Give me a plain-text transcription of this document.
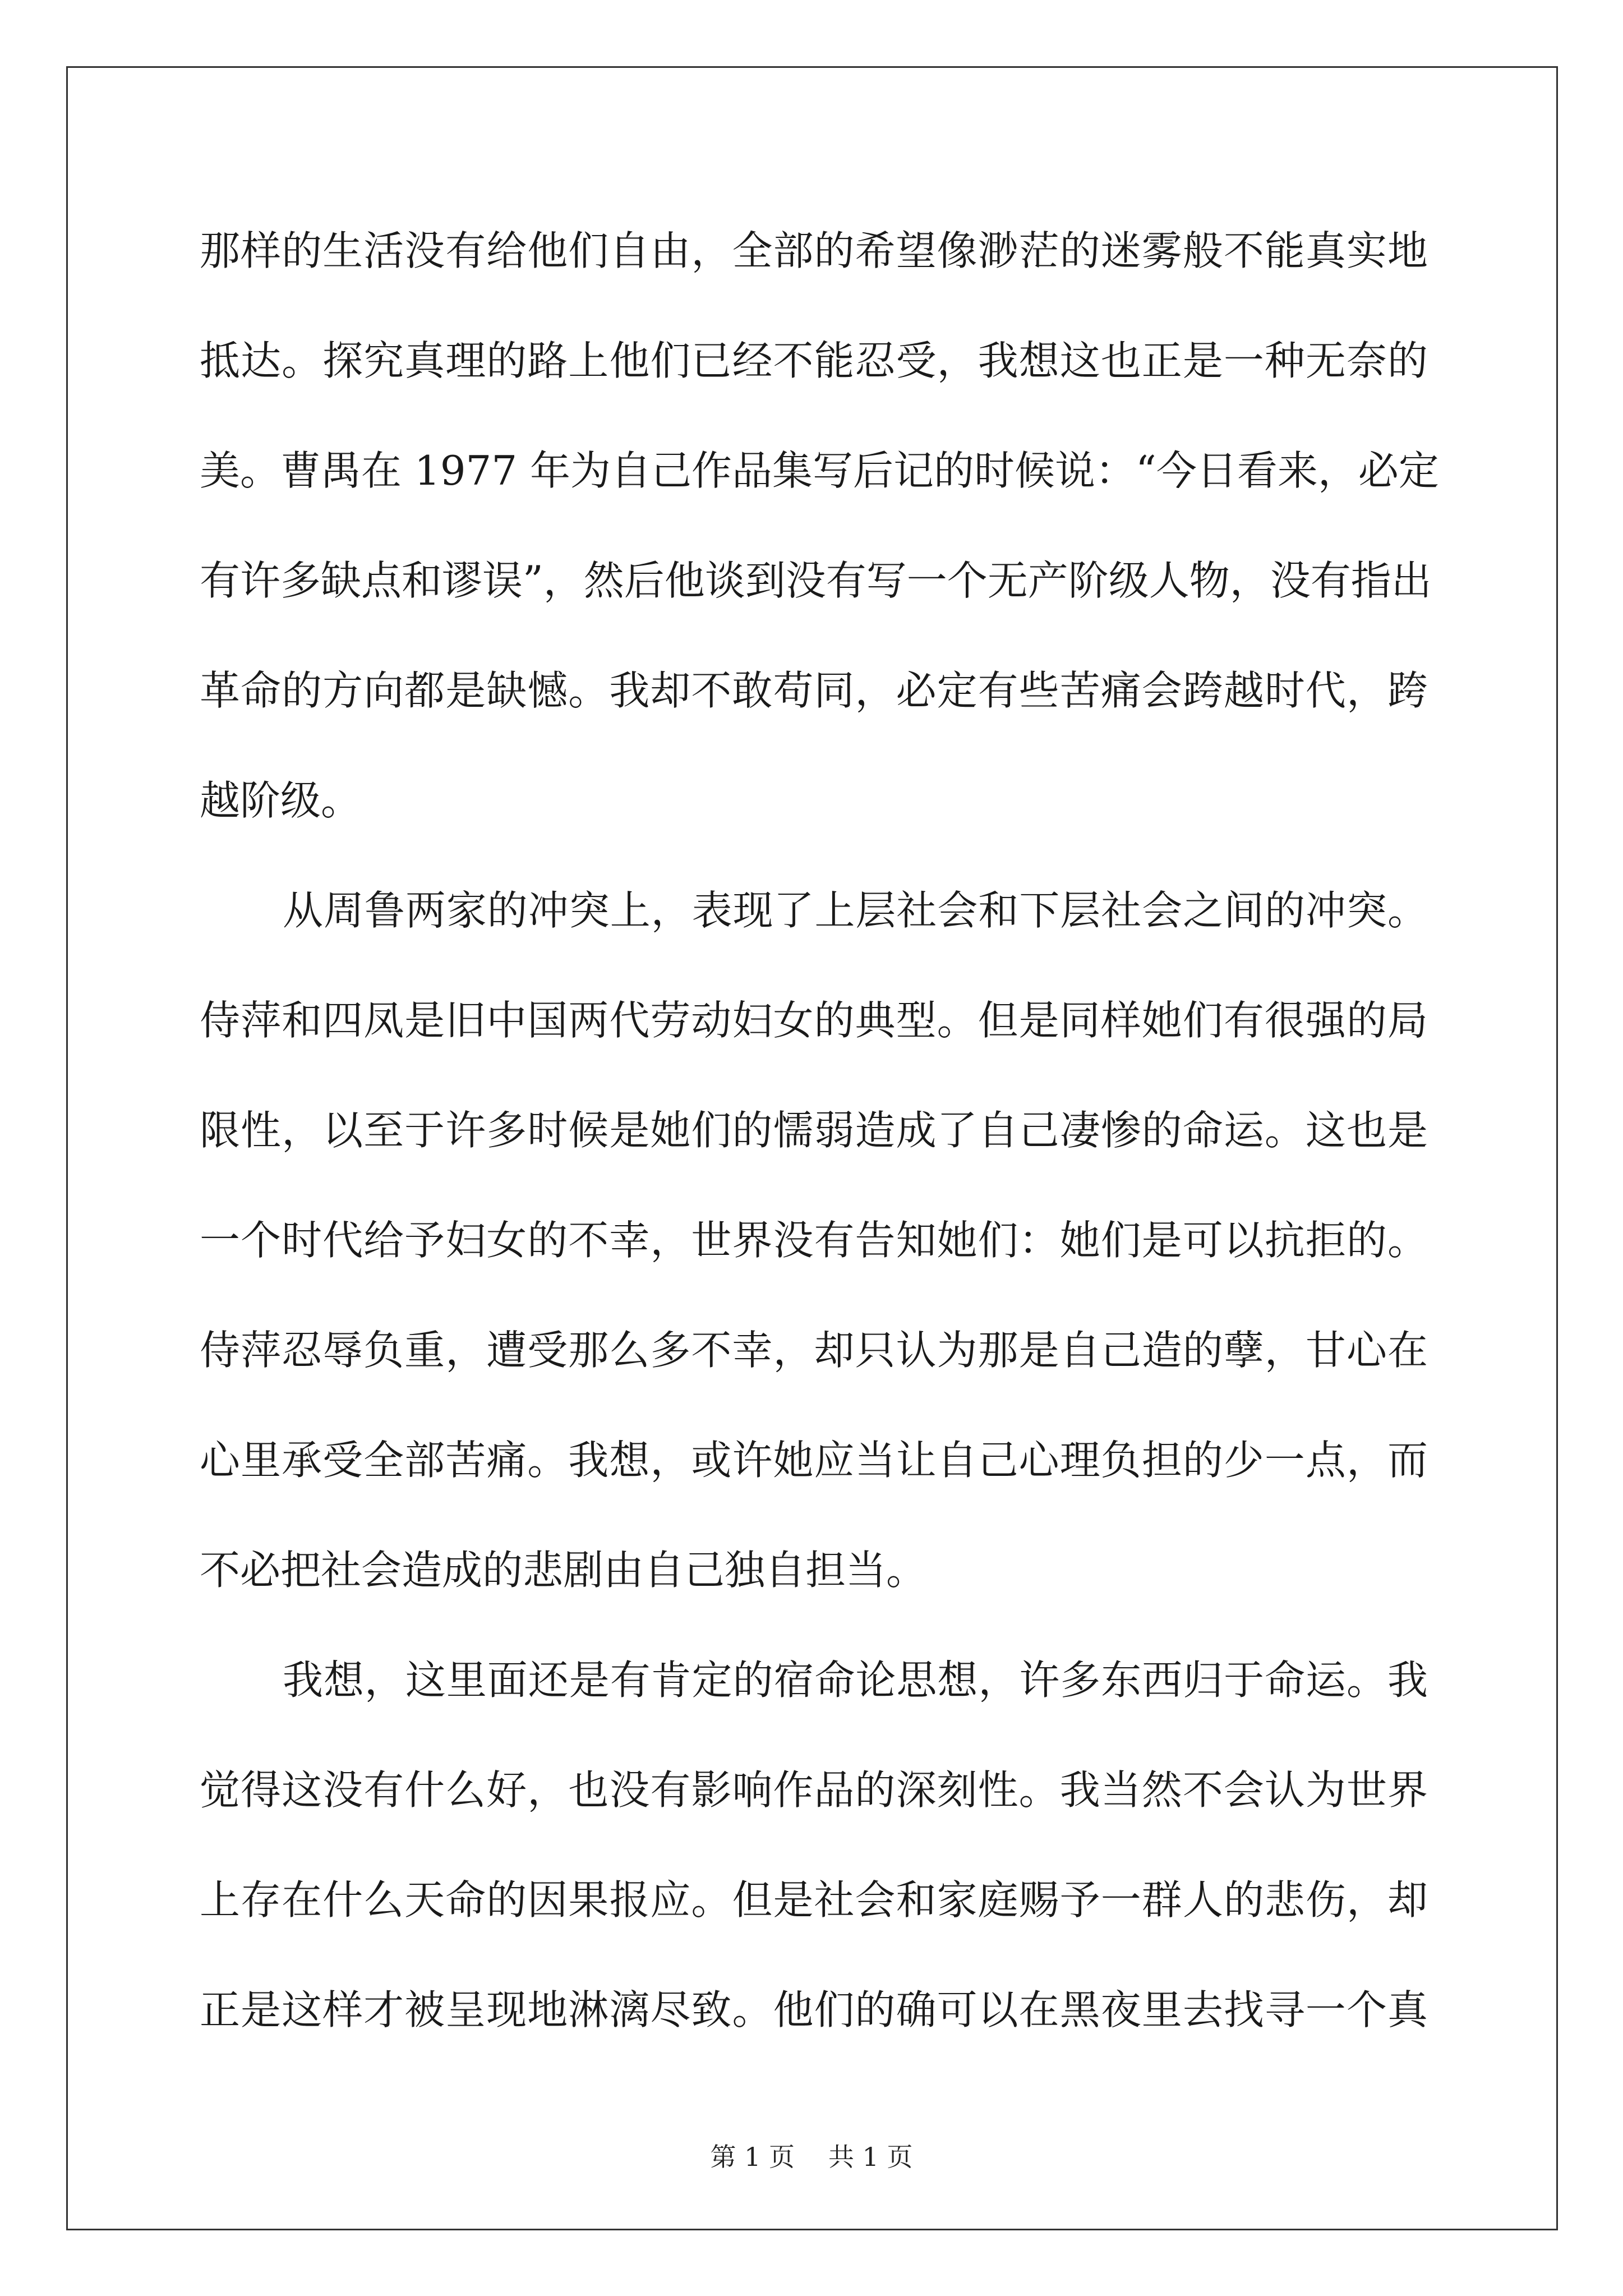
那样的生活没有给他们自由，全部的希望像渺茫的迷雾般不能真实地
抵达。探究真理的路上他们已经不能忍受，我想这也正是一种无奈的
美。曹禺在 1977 年为自己作品集写后记的时候说：“今日看来，必定
有许多缺点和谬误”，然后他谈到没有写一个无产阶级人物，没有指出
革命的方向都是缺憾。我却不敢苟同，必定有些苦痛会跨越时代，跨
越阶级。
从周鲁两家的冲突上，表现了上层社会和下层社会之间的冲突。
侍萍和四凤是旧中国两代劳动妇女的典型。但是同样她们有很强的局
限性，以至于许多时候是她们的懦弱造成了自己凄惨的命运。这也是
一个时代给予妇女的不幸，世界没有告知她们：她们是可以抗拒的。
侍萍忍辱负重，遭受那么多不幸，却只认为那是自己造的孽，甘心在
心里承受全部苦痛。我想，或许她应当让自己心理负担的少一点，而
不必把社会造成的悲剧由自己独自担当。
我想，这里面还是有肯定的宿命论思想，许多东西归于命运。我
觉得这没有什么好，也没有影响作品的深刻性。我当然不会认为世界
上存在什么天命的因果报应。但是社会和家庭赐予一群人的悲伤，却
正是这样才被呈现地淋漓尽致。他们的确可以在黑夜里去找寻一个真
第 1 页 共 1 页
